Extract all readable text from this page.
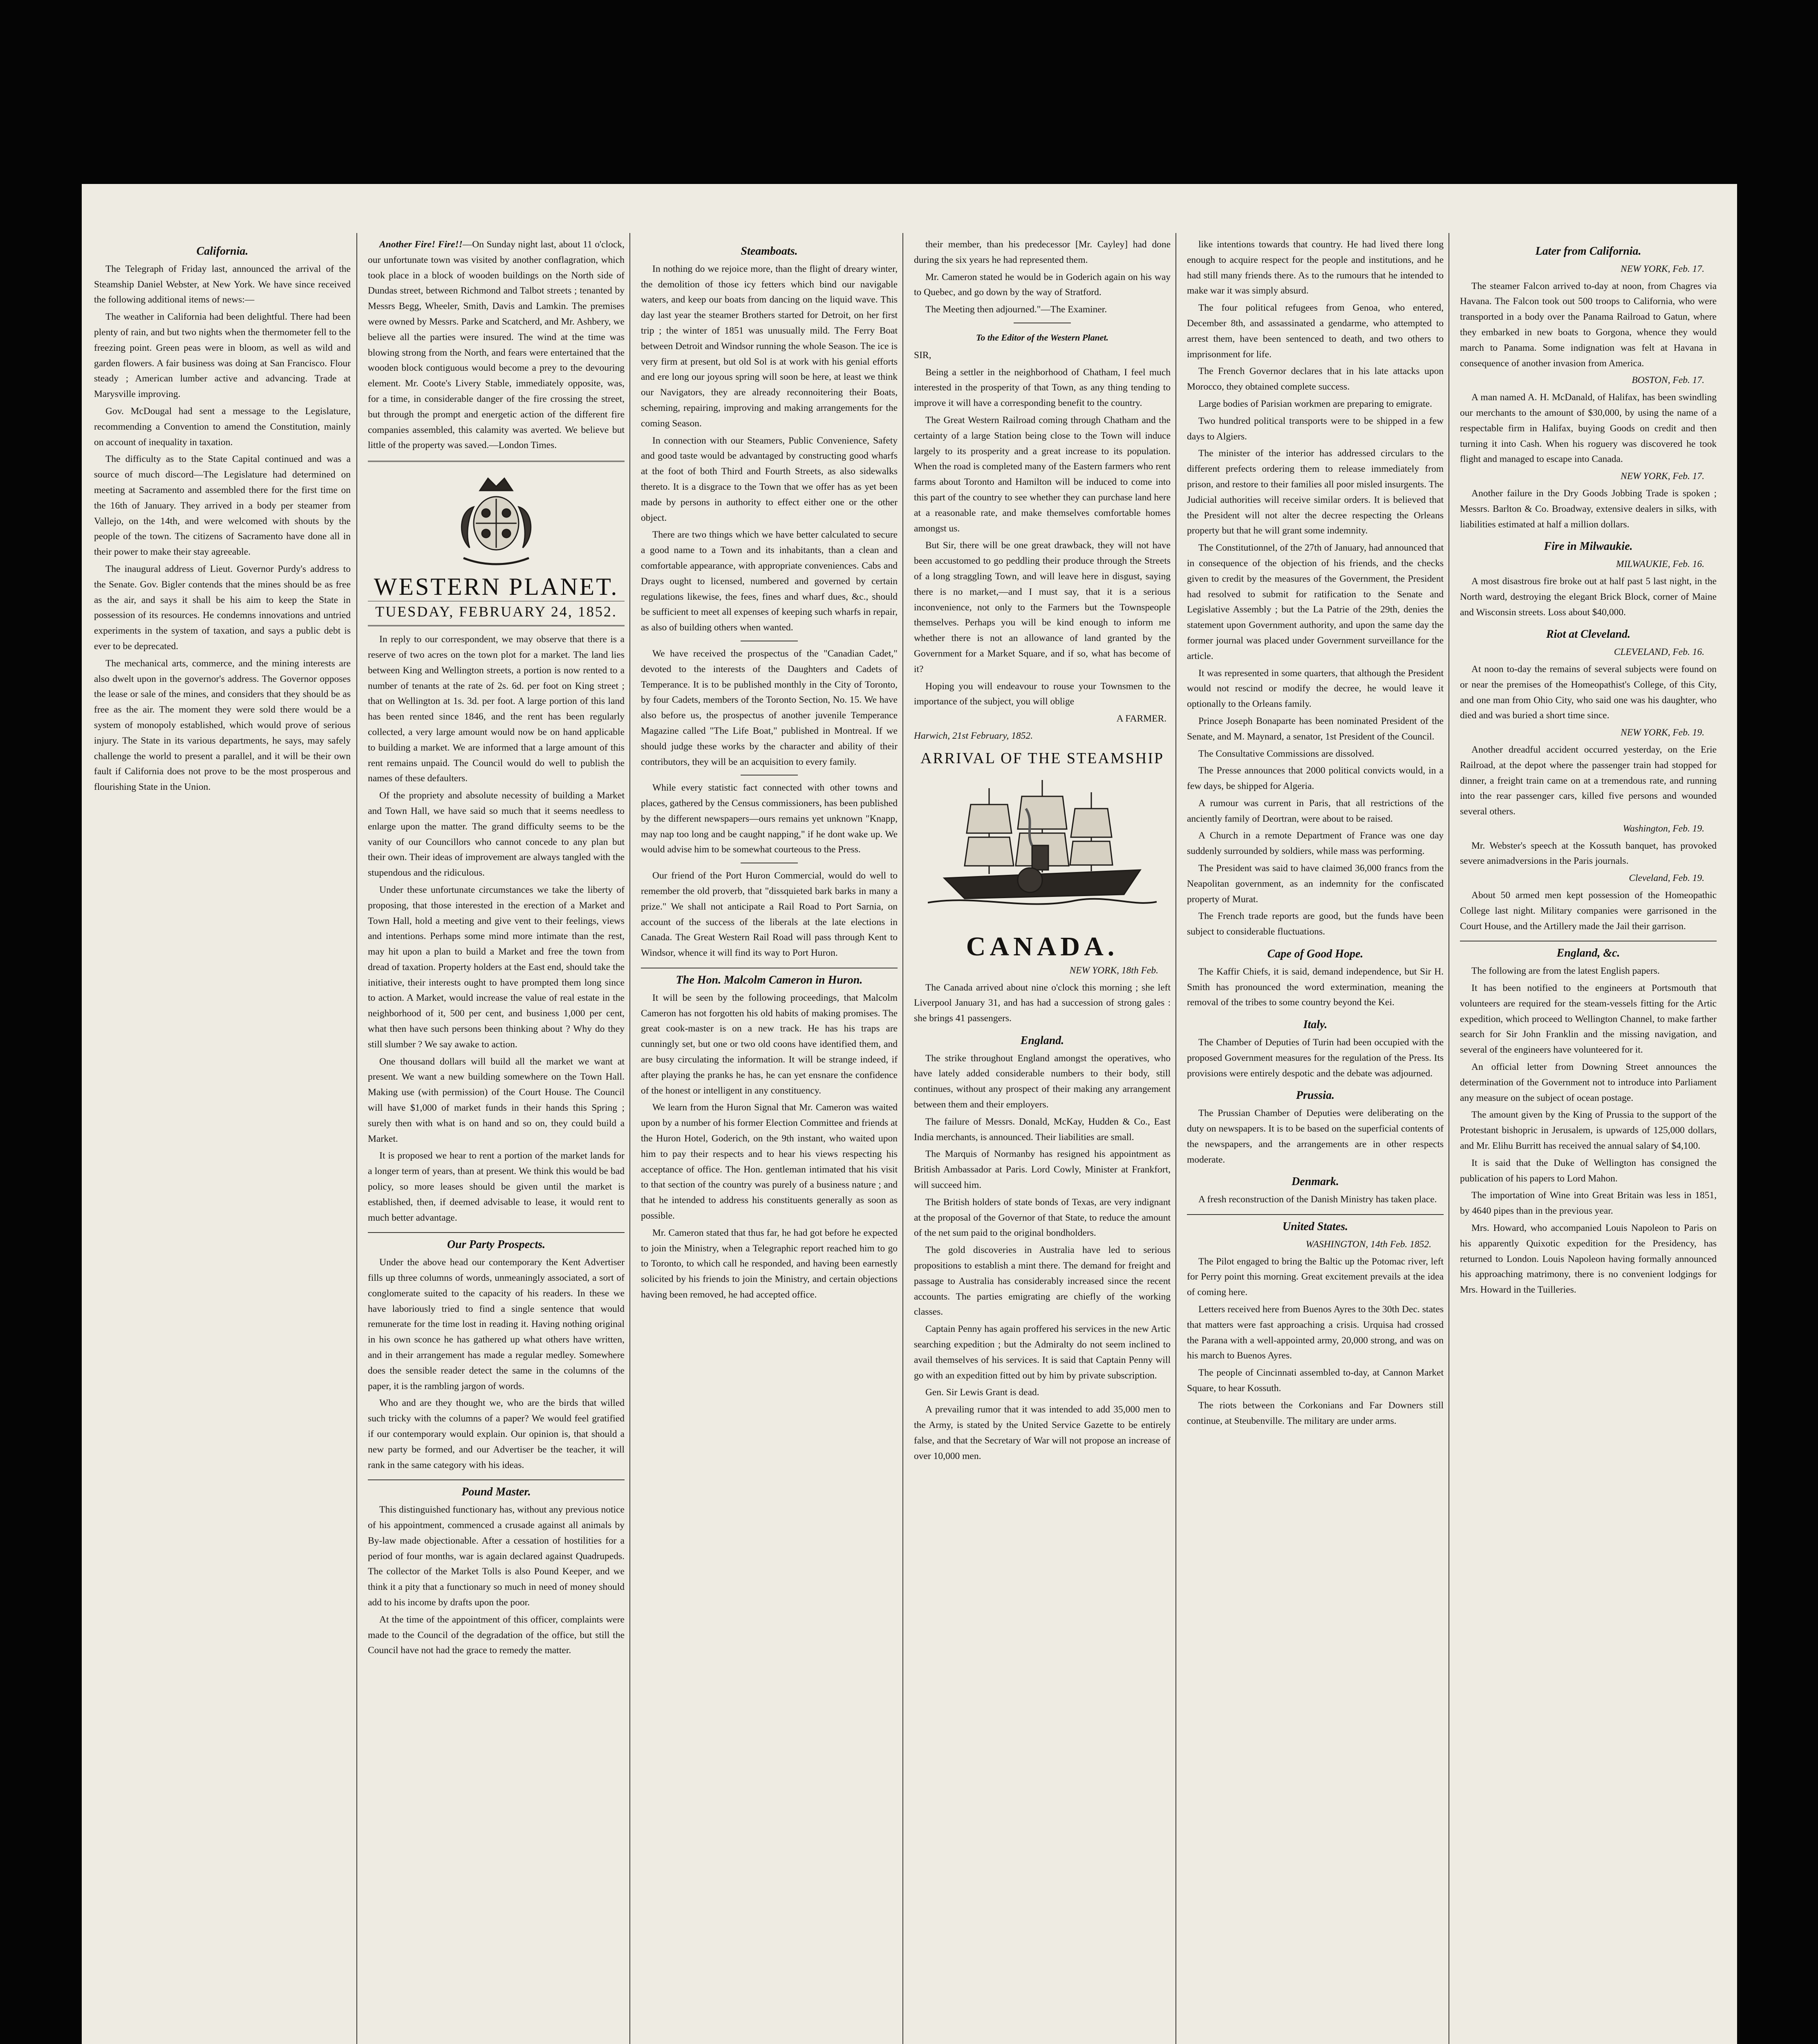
California.

The Telegraph of Friday last, announced the arrival of the Steamship Daniel Webster, at New York. We have since received the following additional items of news:—

The weather in California had been delightful. There had been plenty of rain, and but two nights when the thermometer fell to the freezing point. Green peas were in bloom, as well as wild and garden flowers. A fair business was doing at San Francisco. Flour steady ; American lumber active and advancing. Trade at Marysville improving.

Gov. McDougal had sent a message to the Legislature, recommending a Convention to amend the Constitution, mainly on account of inequality in taxation.

The difficulty as to the State Capital continued and was a source of much discord—The Legislature had determined on meeting at Sacramento and assembled there for the first time on the 16th of January. They arrived in a body per steamer from Vallejo, on the 14th, and were welcomed with shouts by the people of the town. The citizens of Sacramento have done all in their power to make their stay agreeable.

The inaugural address of Lieut. Governor Purdy's address to the Senate. Gov. Bigler contends that the mines should be as free as the air, and says it shall be his aim to keep the State in possession of its resources. He condemns innovations and untried experiments in the system of taxation, and says a public debt is ever to be deprecated.

The mechanical arts, commerce, and the mining interests are also dwelt upon in the governor's address. The Governor opposes the lease or sale of the mines, and considers that they should be as free as the air. The moment they were sold there would be a system of monopoly established, which would prove of serious injury. The State in its various departments, he says, may safely challenge the world to present a parallel, and it will be their own fault if California does not prove to be the most prosperous and flourishing State in the Union.

Another Fire! Fire!!—On Sunday night last, about 11 o'clock, our unfortunate town was visited by another conflagration, which took place in a block of wooden buildings on the North side of Dundas street, between Richmond and Talbot streets ; tenanted by Messrs Begg, Wheeler, Smith, Davis and Lamkin. The premises were owned by Messrs. Parke and Scatcherd, and Mr. Ashbery, we believe all the parties were insured. The wind at the time was blowing strong from the North, and fears were entertained that the wooden block contiguous would become a prey to the devouring element. Mr. Coote's Livery Stable, immediately opposite, was, for a time, in considerable danger of the fire crossing the street, but through the prompt and energetic action of the different fire companies assembled, this calamity was averted. We believe but little of the property was saved.—London Times.

WESTERN PLANET.
TUESDAY, FEBRUARY 24, 1852.

In reply to our correspondent, we may observe that there is a reserve of two acres on the town plot for a market. The land lies between King and Wellington streets, a portion is now rented to a number of tenants at the rate of 2s. 6d. per foot on King street ; that on Wellington at 1s. 3d. per foot. A large portion of this land has been rented since 1846, and the rent has been regularly collected, a very large amount would now be on hand applicable to building a market. We are informed that a large amount of this rent remains unpaid. The Council would do well to publish the names of these defaulters.

Of the propriety and absolute necessity of building a Market and Town Hall, we have said so much that it seems needless to enlarge upon the matter. The grand difficulty seems to be the vanity of our Councillors who cannot concede to any plan but their own. Their ideas of improvement are always tangled with the stupendous and the ridiculous.

Under these unfortunate circumstances we take the liberty of proposing, that those interested in the erection of a Market and Town Hall, hold a meeting and give vent to their feelings, views and intentions. Perhaps some mind more intimate than the rest, may hit upon a plan to build a Market and free the town from dread of taxation. Property holders at the East end, should take the initiative, their interests ought to have prompted them long since to action. A Market, would increase the value of real estate in the neighborhood of it, 500 per cent, and business 1,000 per cent, what then have such persons been thinking about ? Why do they still slumber ? We say awake to action.

One thousand dollars will build all the market we want at present. We want a new building somewhere on the Town Hall. Making use (with permission) of the Court House. The Council will have $1,000 of market funds in their hands this Spring ; surely then with what is on hand and so on, they could build a Market.

It is proposed we hear to rent a portion of the market lands for a longer term of years, than at present. We think this would be bad policy, so more leases should be given until the market is established, then, if deemed advisable to lease, it would rent to much better advantage.

Our Party Prospects.

Under the above head our contemporary the Kent Advertiser fills up three columns of words, unmeaningly associated, a sort of conglomerate suited to the capacity of his readers. In these we have laboriously tried to find a single sentence that would remunerate for the time lost in reading it. Having nothing original in his own sconce he has gathered up what others have written, and in their arrangement has made a regular medley. Somewhere does the sensible reader detect the same in the columns of the paper, it is the rambling jargon of words.

Who and are they thought we, who are the birds that willed such tricky with the columns of a paper? We would feel gratified if our contemporary would explain. Our opinion is, that should a new party be formed, and our Advertiser be the teacher, it will rank in the same category with his ideas.

Pound Master.

This distinguished functionary has, without any previous notice of his appointment, commenced a crusade against all animals by By-law made objectionable. After a cessation of hostilities for a period of four months, war is again declared against Quadrupeds. The collector of the Market Tolls is also Pound Keeper, and we think it a pity that a functionary so much in need of money should add to his income by drafts upon the poor.

At the time of the appointment of this officer, complaints were made to the Council of the degradation of the office, but still the Council have not had the grace to remedy the matter.

Steamboats.

In nothing do we rejoice more, than the flight of dreary winter, the demolition of those icy fetters which bind our navigable waters, and keep our boats from dancing on the liquid wave. This day last year the steamer Brothers started for Detroit, on her first trip ; the winter of 1851 was unusually mild. The Ferry Boat between Detroit and Windsor running the whole Season. The ice is very firm at present, but old Sol is at work with his genial efforts and ere long our joyous spring will soon be here, at least we think our Navigators, they are already reconnoitering their Boats, scheming, repairing, improving and making arrangements for the coming Season.

In connection with our Steamers, Public Convenience, Safety and good taste would be advantaged by constructing good wharfs at the foot of both Third and Fourth Streets, as also sidewalks thereto. It is a disgrace to the Town that we offer has as yet been made by persons in authority to effect either one or the other object.

There are two things which we have better calculated to secure a good name to a Town and its inhabitants, than a clean and comfortable appearance, with appropriate conveniences. Cabs and Drays ought to licensed, numbered and governed by certain regulations likewise, the fees, fines and wharf dues, &c., should be sufficient to meet all expenses of keeping such wharfs in repair, as also of building others when wanted.

We have received the prospectus of the "Canadian Cadet," devoted to the interests of the Daughters and Cadets of Temperance. It is to be published monthly in the City of Toronto, by four Cadets, members of the Toronto Section, No. 15. We have also before us, the prospectus of another juvenile Temperance Magazine called "The Life Boat," published in Montreal. If we should judge these works by the character and ability of their contributors, they will be an acquisition to every family.

While every statistic fact connected with other towns and places, gathered by the Census commissioners, has been published by the different newspapers—ours remains yet unknown "Knapp, may nap too long and be caught napping," if he dont wake up. We would advise him to be somewhat courteous to the Press.

Our friend of the Port Huron Commercial, would do well to remember the old proverb, that "dissquieted bark barks in many a prize." We shall not anticipate a Rail Road to Port Sarnia, on account of the success of the liberals at the late elections in Canada. The Great Western Rail Road will pass through Kent to Windsor, whence it will find its way to Port Huron.

The Hon. Malcolm Cameron in Huron.

It will be seen by the following proceedings, that Malcolm Cameron has not forgotten his old habits of making promises. The great cook-master is on a new track. He has his traps are cunningly set, but one or two old coons have identified them, and are busy circulating the information. It will be strange indeed, if after playing the pranks he has, he can yet ensnare the confidence of the honest or intelligent in any constituency.

We learn from the Huron Signal that Mr. Cameron was waited upon by a number of his former Election Committee and friends at the Huron Hotel, Goderich, on the 9th instant, who waited upon him to pay their respects and to hear his views respecting his acceptance of office. The Hon. gentleman intimated that his visit to that section of the country was purely of a business nature ; and that he intended to address his constituents generally as soon as possible.

Mr. Cameron stated that thus far, he had got before he expected to join the Ministry, when a Telegraphic report reached him to go to Toronto, to which call he responded, and having been earnestly solicited by his friends to join the Ministry, and certain objections having been removed, he had accepted office.

their member, than his predecessor [Mr. Cayley] had done during the six years he had represented them.

Mr. Cameron stated he would be in Goderich again on his way to Quebec, and go down by the way of Stratford.

The Meeting then adjourned."—The Examiner.

To the Editor of the Western Planet.

SIR,

Being a settler in the neighborhood of Chatham, I feel much interested in the prosperity of that Town, as any thing tending to improve it will have a corresponding benefit to the country.

The Great Western Railroad coming through Chatham and the certainty of a large Station being close to the Town will induce largely to its prosperity and a great increase to its population. When the road is completed many of the Eastern farmers who rent farms about Toronto and Hamilton will be induced to come into this part of the country to see whether they can purchase land here at a reasonable rate, and make themselves comfortable homes amongst us.

But Sir, there will be one great drawback, they will not have been accustomed to go peddling their produce through the Streets of a long straggling Town, and will leave here in disgust, saying there is no market,—and I must say, that it is a serious inconvenience, not only to the Farmers but the Townspeople themselves. Perhaps you will be kind enough to inform me whether there is not an allowance of land granted by the Government for a Market Square, and if so, what has become of it?

Hoping you will endeavour to rouse your Townsmen to the importance of the subject, you will oblige

A FARMER.

Harwich, 21st February, 1852.

ARRIVAL OF THE STEAMSHIP
CANADA.

NEW YORK, 18th Feb.

The Canada arrived about nine o'clock this morning ; she left Liverpool January 31, and has had a succession of strong gales : she brings 41 passengers.

England.

The strike throughout England amongst the operatives, who have lately added considerable numbers to their body, still continues, without any prospect of their making any arrangement between them and their employers.

The failure of Messrs. Donald, McKay, Hudden & Co., East India merchants, is announced. Their liabilities are small.

The Marquis of Normanby has resigned his appointment as British Ambassador at Paris. Lord Cowly, Minister at Frankfort, will succeed him.

The British holders of state bonds of Texas, are very indignant at the proposal of the Governor of that State, to reduce the amount of the net sum paid to the original bondholders.

The gold discoveries in Australia have led to serious propositions to establish a mint there. The demand for freight and passage to Australia has considerably increased since the recent accounts. The parties emigrating are chiefly of the working classes.

Captain Penny has again proffered his services in the new Artic searching expedition ; but the Admiralty do not seem inclined to avail themselves of his services. It is said that Captain Penny will go with an expedition fitted out by him by private subscription.

Gen. Sir Lewis Grant is dead.

A prevailing rumor that it was intended to add 35,000 men to the Army, is stated by the United Service Gazette to be entirely false, and that the Secretary of War will not propose an increase of over 10,000 men.

like intentions towards that country. He had lived there long enough to acquire respect for the people and institutions, and he had still many friends there. As to the rumours that he intended to make war it was simply absurd.

The four political refugees from Genoa, who entered, December 8th, and assassinated a gendarme, who attempted to arrest them, have been sentenced to death, and two others to imprisonment for life.

The French Governor declares that in his late attacks upon Morocco, they obtained complete success.

Large bodies of Parisian workmen are preparing to emigrate.

Two hundred political transports were to be shipped in a few days to Algiers.

The minister of the interior has addressed circulars to the different prefects ordering them to release immediately from prison, and restore to their families all poor misled insurgents. The Judicial authorities will receive similar orders. It is believed that the President will not alter the decree respecting the Orleans property but that he will grant some indemnity.

The Constitutionnel, of the 27th of January, had announced that in consequence of the objection of his friends, and the checks given to credit by the measures of the Government, the President had resolved to submit for ratification to the Senate and Legislative Assembly ; but the La Patrie of the 29th, denies the statement upon Government authority, and upon the same day the former journal was placed under Government surveillance for the article.

It was represented in some quarters, that although the President would not rescind or modify the decree, he would leave it optionally to the Orleans family.

Prince Joseph Bonaparte has been nominated President of the Senate, and M. Maynard, a senator, 1st President of the Council.

The Consultative Commissions are dissolved.

The Presse announces that 2000 political convicts would, in a few days, be shipped for Algeria.

A rumour was current in Paris, that all restrictions of the anciently family of Deortran, were about to be raised.

A Church in a remote Department of France was one day suddenly surrounded by soldiers, while mass was performing.

The President was said to have claimed 36,000 francs from the Neapolitan government, as an indemnity for the confiscated property of Murat.

The French trade reports are good, but the funds have been subject to considerable fluctuations.

Cape of Good Hope.

The Kaffir Chiefs, it is said, demand independence, but Sir H. Smith has pronounced the word extermination, meaning the removal of the tribes to some country beyond the Kei.

Italy.

The Chamber of Deputies of Turin had been occupied with the proposed Government measures for the regulation of the Press. Its provisions were entirely despotic and the debate was adjourned.

Prussia.

The Prussian Chamber of Deputies were deliberating on the duty on newspapers. It is to be based on the superficial contents of the newspapers, and the arrangements are in other respects moderate.

Denmark.

A fresh reconstruction of the Danish Ministry has taken place.

United States.

WASHINGTON, 14th Feb. 1852.

The Pilot engaged to bring the Baltic up the Potomac river, left for Perry point this morning. Great excitement prevails at the idea of coming here.

Letters received here from Buenos Ayres to the 30th Dec. states that matters were fast approaching a crisis. Urquisa had crossed the Parana with a well-appointed army, 20,000 strong, and was on his march to Buenos Ayres.

The people of Cincinnati assembled to-day, at Cannon Market Square, to hear Kossuth.

The riots between the Corkonians and Far Downers still continue, at Steubenville. The military are under arms.

Later from California.

NEW YORK, Feb. 17.

The steamer Falcon arrived to-day at noon, from Chagres via Havana. The Falcon took out 500 troops to California, who were transported in a body over the Panama Railroad to Gatun, where they embarked in new boats to Gorgona, whence they would march to Panama. Some indignation was felt at Havana in consequence of another invasion from America.

BOSTON, Feb. 17.

A man named A. H. McDanald, of Halifax, has been swindling our merchants to the amount of $30,000, by using the name of a respectable firm in Halifax, buying Goods on credit and then turning it into Cash. When his roguery was discovered he took flight and managed to escape into Canada.

NEW YORK, Feb. 17.

Another failure in the Dry Goods Jobbing Trade is spoken ; Messrs. Barlton & Co. Broadway, extensive dealers in silks, with liabilities estimated at half a million dollars.

Fire in Milwaukie.

MILWAUKIE, Feb. 16.

A most disastrous fire broke out at half past 5 last night, in the North ward, destroying the elegant Brick Block, corner of Maine and Wisconsin streets. Loss about $40,000.

Riot at Cleveland.

CLEVELAND, Feb. 16.

At noon to-day the remains of several subjects were found on or near the premises of the Homeopathist's College, of this City, and one man from Ohio City, who said one was his daughter, who died and was buried a short time since.

NEW YORK, Feb. 19.

Another dreadful accident occurred yesterday, on the Erie Railroad, at the depot where the passenger train had stopped for dinner, a freight train came on at a tremendous rate, and running into the rear passenger cars, killed five persons and wounded several others.

Washington, Feb. 19.

Mr. Webster's speech at the Kossuth banquet, has provoked severe animadversions in the Paris journals.

Cleveland, Feb. 19.

About 50 armed men kept possession of the Homeopathic College last night. Military companies were garrisoned in the Court House, and the Artillery made the Jail their garrison.

England, &c.

The following are from the latest English papers.

It has been notified to the engineers at Portsmouth that volunteers are required for the steam-vessels fitting for the Artic expedition, which proceed to Wellington Channel, to make farther search for Sir John Franklin and the missing navigation, and several of the engineers have volunteered for it.

An official letter from Downing Street announces the determination of the Government not to introduce into Parliament any measure on the subject of ocean postage.

The amount given by the King of Prussia to the support of the Protestant bishopric in Jerusalem, is upwards of 125,000 dollars, and Mr. Elihu Burritt has received the annual salary of $4,100.

It is said that the Duke of Wellington has consigned the publication of his papers to Lord Mahon.

The importation of Wine into Great Britain was less in 1851, by 4640 pipes than in the previous year.

Mrs. Howard, who accompanied Louis Napoleon to Paris on his apparently Quixotic expedition for the Presidency, has returned to London. Louis Napoleon having formally announced his approaching matrimony, there is no convenient lodgings for Mrs. Howard in the Tuilleries.
